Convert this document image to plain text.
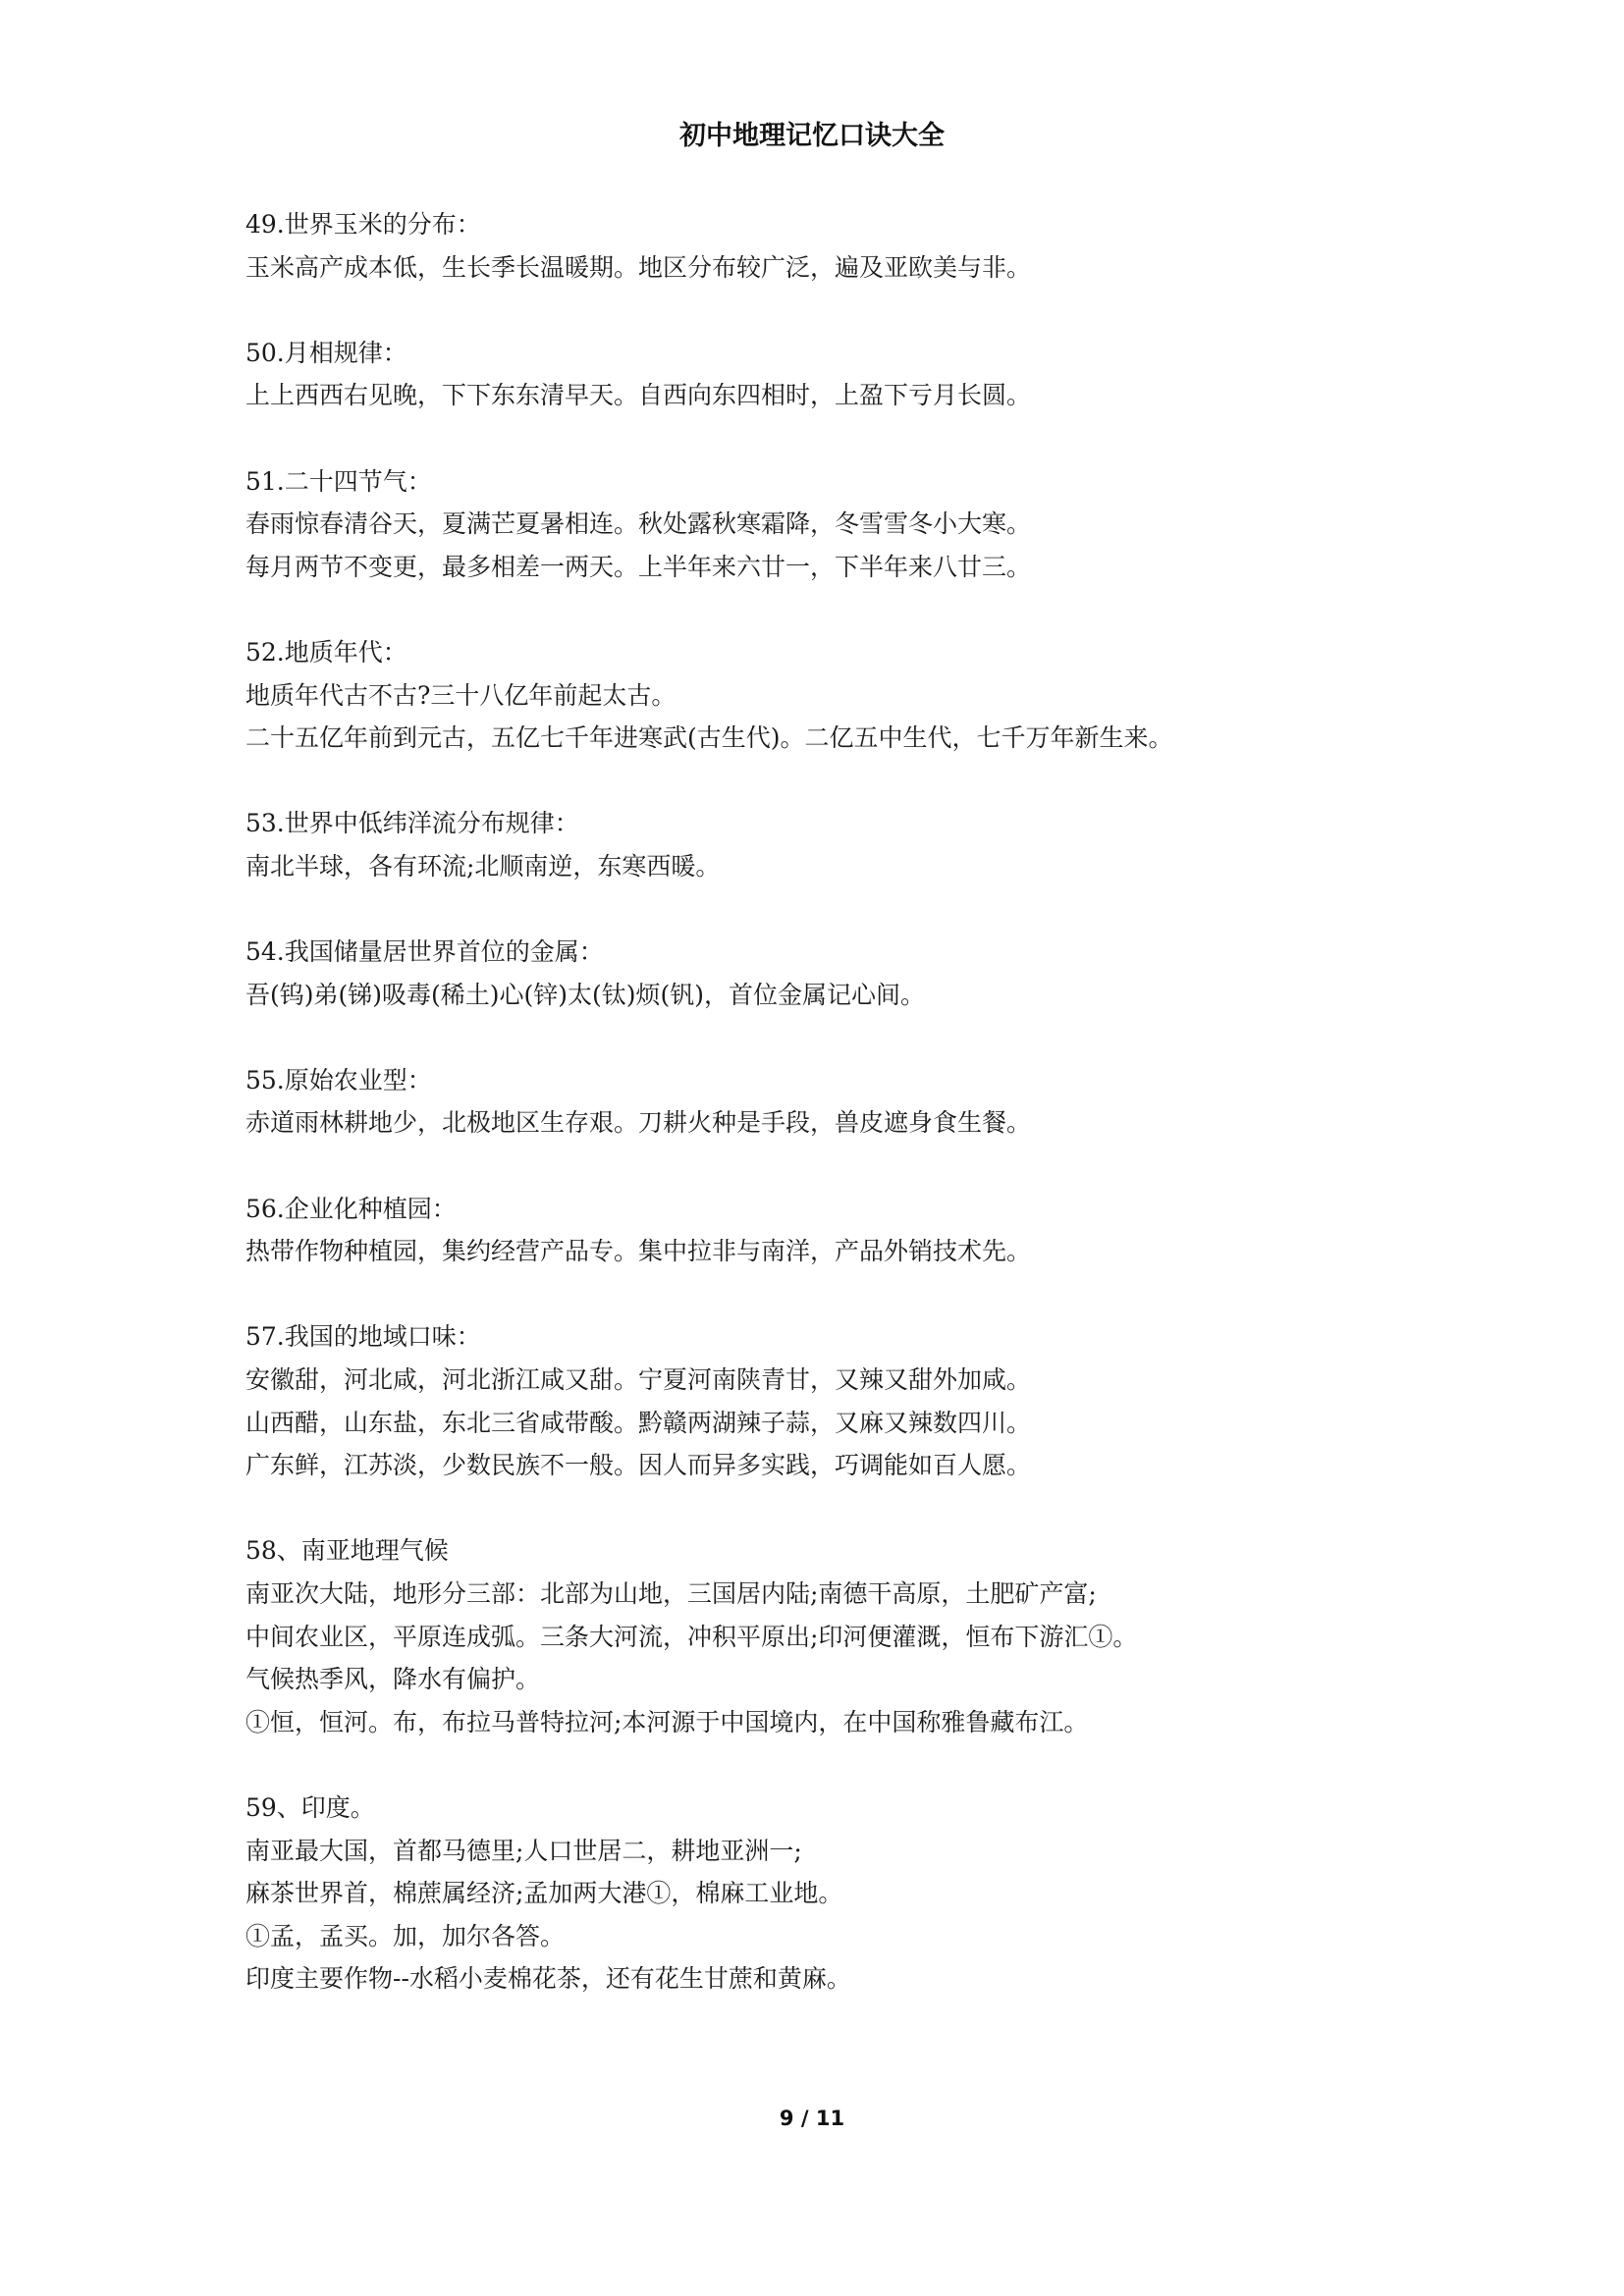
初中地理记忆口诀大全
49.世界玉米的分布：
玉米高产成本低，生长季长温暖期。地区分布较广泛，遍及亚欧美与非。
50.月相规律：
上上西西右见晚，下下东东清早天。自西向东四相时，上盈下亏月长圆。
51.二十四节气：
春雨惊春清谷天，夏满芒夏暑相连。秋处露秋寒霜降，冬雪雪冬小大寒。
每月两节不变更，最多相差一两天。上半年来六廿一，下半年来八廿三。
52.地质年代：
地质年代古不古?三十八亿年前起太古。
二十五亿年前到元古，五亿七千年进寒武(古生代)。二亿五中生代，七千万年新生来。
53.世界中低纬洋流分布规律：
南北半球，各有环流;北顺南逆，东寒西暖。
54.我国储量居世界首位的金属：
吾(钨)弟(锑)吸毒(稀土)心(锌)太(钛)烦(钒)，首位金属记心间。
55.原始农业型：
赤道雨林耕地少，北极地区生存艰。刀耕火种是手段，兽皮遮身食生餐。
56.企业化种植园：
热带作物种植园，集约经营产品专。集中拉非与南洋，产品外销技术先。
57.我国的地域口味：
安徽甜，河北咸，河北浙江咸又甜。宁夏河南陕青甘，又辣又甜外加咸。
山西醋，山东盐，东北三省咸带酸。黔赣两湖辣子蒜，又麻又辣数四川。
广东鲜，江苏淡，少数民族不一般。因人而异多实践，巧调能如百人愿。
58、南亚地理气候
南亚次大陆，地形分三部：北部为山地，三国居内陆;南德干高原，土肥矿产富;
中间农业区，平原连成弧。三条大河流，冲积平原出;印河便灌溉，恒布下游汇①。
气候热季风，降水有偏护。
①恒，恒河。布，布拉马普特拉河;本河源于中国境内，在中国称雅鲁藏布江。
59、印度。
南亚最大国，首都马德里;人口世居二，耕地亚洲一;
麻茶世界首，棉蔗属经济;孟加两大港①，棉麻工业地。
①孟，孟买。加，加尔各答。
印度主要作物--水稻小麦棉花茶，还有花生甘蔗和黄麻。
9 / 11
